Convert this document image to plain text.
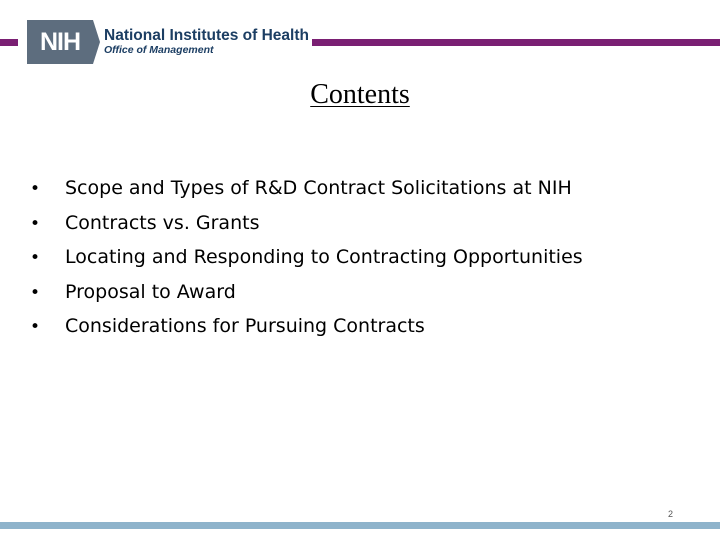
NIH	National Institutes of Health
Office of Management
Contents
•	Scope and Types of R&D Contract Solicitations at NIH
•	Contracts vs. Grants
•	Locating and Responding to Contracting Opportunities
•	Proposal to Award
•	Considerations for Pursuing Contracts
2
